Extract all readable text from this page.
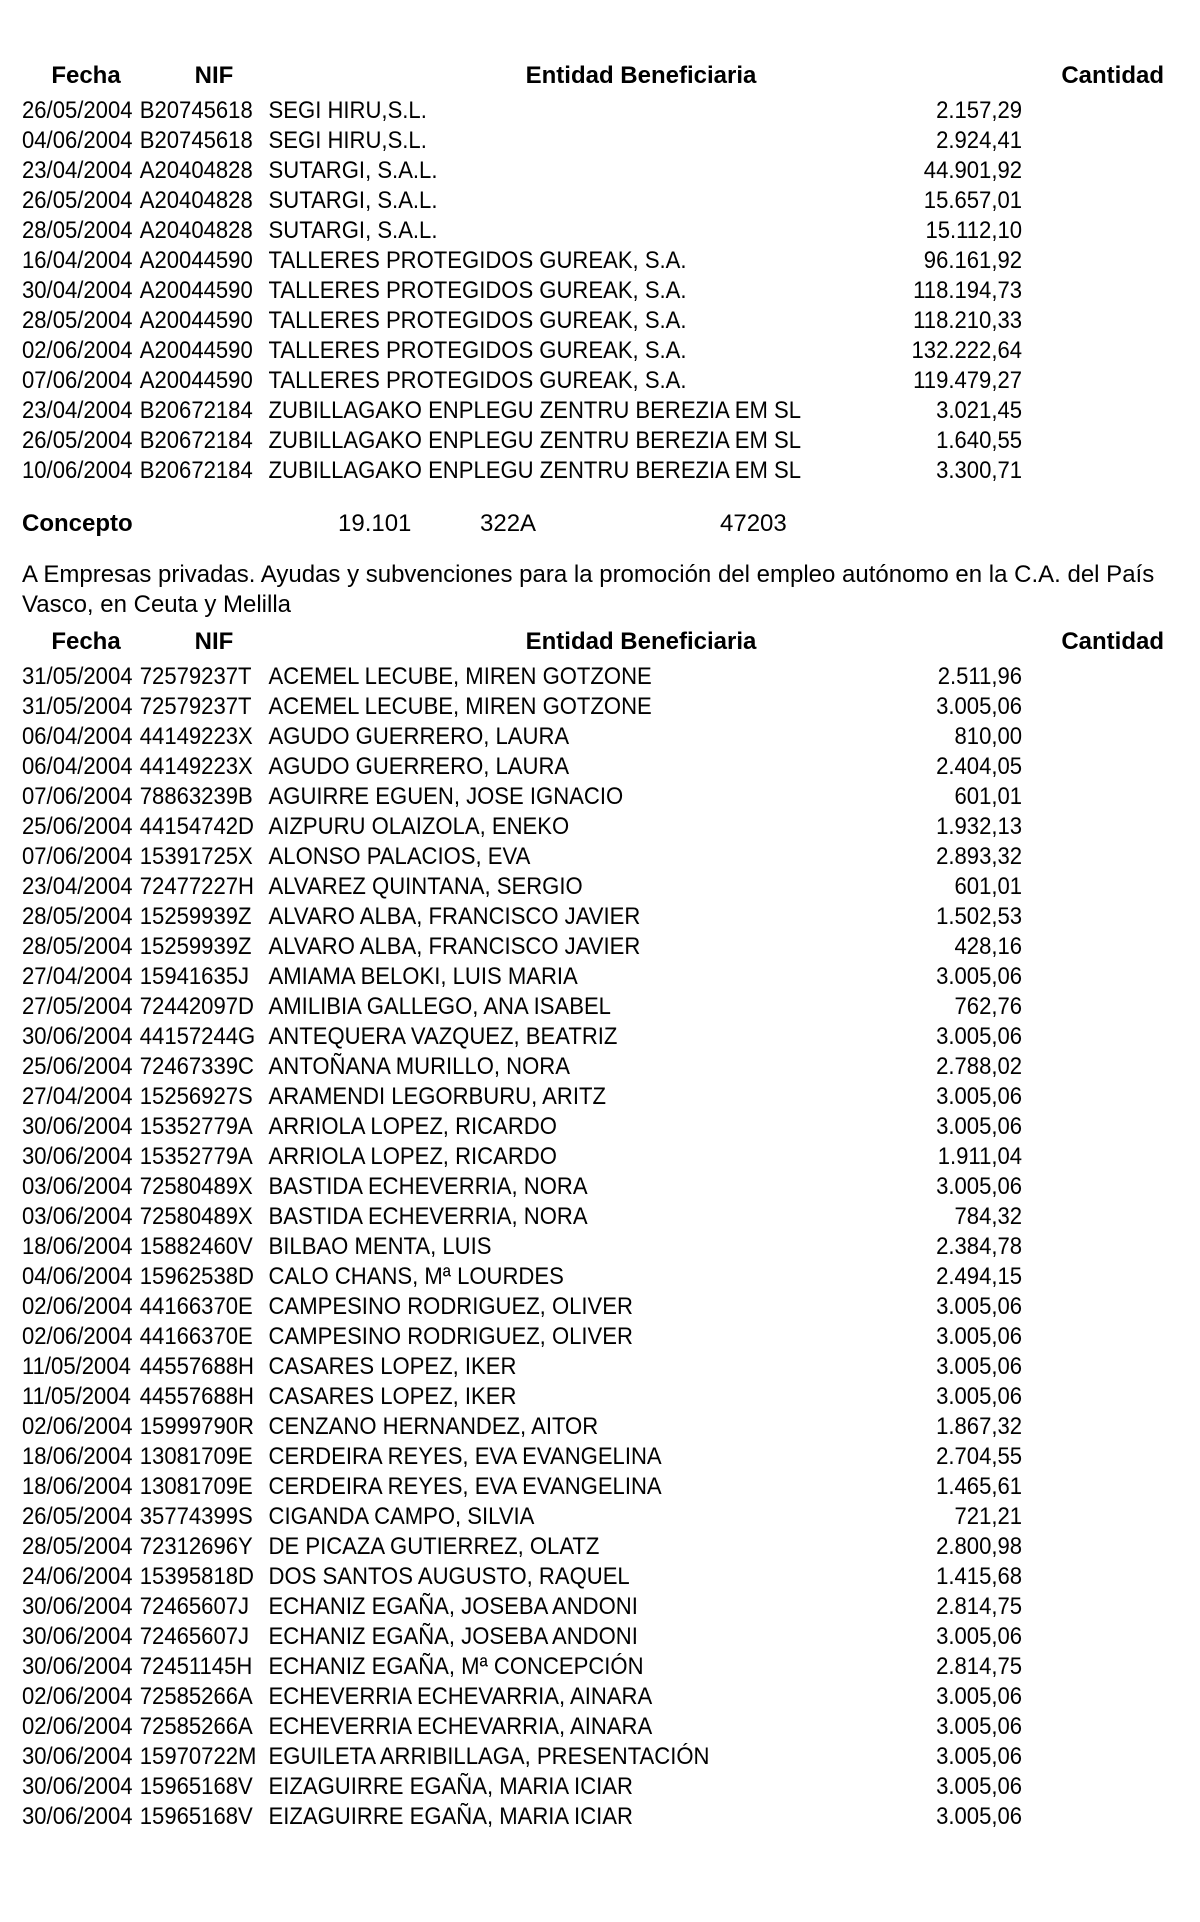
Fecha	NIF	Entidad Beneficiaria	Cantidad
26/05/2004 B20745618 SEGI HIRU,S.L.	2.157,29
04/06/2004 B20745618 SEGI HIRU,S.L.	2.924,41
23/04/2004 A20404828 SUTARGI, S.A.L.	44.901,92
26/05/2004 A20404828 SUTARGI, S.A.L.	15.657,01
28/05/2004 A20404828 SUTARGI, S.A.L.	15.112,10
16/04/2004 A20044590 TALLERES PROTEGIDOS GUREAK, S.A.	96.161,92
30/04/2004 A20044590 TALLERES PROTEGIDOS GUREAK, S.A.	118.194,73
28/05/2004 A20044590 TALLERES PROTEGIDOS GUREAK, S.A.	118.210,33
02/06/2004 A20044590 TALLERES PROTEGIDOS GUREAK, S.A.	132.222,64
07/06/2004 A20044590 TALLERES PROTEGIDOS GUREAK, S.A.	119.479,27
23/04/2004 B20672184 ZUBILLAGAKO ENPLEGU ZENTRU BEREZIA EM SL	3.021,45
26/05/2004 B20672184 ZUBILLAGAKO ENPLEGU ZENTRU BEREZIA EM SL	1.640,55
10/06/2004 B20672184 ZUBILLAGAKO ENPLEGU ZENTRU BEREZIA EM SL	3.300,71
Concepto	19.101	322A	47203
A Empresas privadas. Ayudas y subvenciones para la promoción del empleo autónomo en la C.A. del País Vasco, en Ceuta y Melilla
Fecha	NIF	Entidad Beneficiaria	Cantidad
31/05/2004 72579237T ACEMEL LECUBE, MIREN GOTZONE	2.511,96
31/05/2004 72579237T ACEMEL LECUBE, MIREN GOTZONE	3.005,06
06/04/2004 44149223X AGUDO GUERRERO, LAURA	810,00
06/04/2004 44149223X AGUDO GUERRERO, LAURA	2.404,05
07/06/2004 78863239B AGUIRRE EGUEN, JOSE IGNACIO	601,01
25/06/2004 44154742D AIZPURU OLAIZOLA, ENEKO	1.932,13
07/06/2004 15391725X ALONSO PALACIOS, EVA	2.893,32
23/04/2004 72477227H ALVAREZ QUINTANA, SERGIO	601,01
28/05/2004 15259939Z ALVARO ALBA, FRANCISCO JAVIER	1.502,53
28/05/2004 15259939Z ALVARO ALBA, FRANCISCO JAVIER	428,16
27/04/2004 15941635J AMIAMA BELOKI, LUIS MARIA	3.005,06
27/05/2004 72442097D AMILIBIA GALLEGO, ANA ISABEL	762,76
30/06/2004 44157244G ANTEQUERA VAZQUEZ, BEATRIZ	3.005,06
25/06/2004 72467339C ANTOÑANA MURILLO, NORA	2.788,02
27/04/2004 15256927S ARAMENDI LEGORBURU, ARITZ	3.005,06
30/06/2004 15352779A ARRIOLA LOPEZ, RICARDO	3.005,06
30/06/2004 15352779A ARRIOLA LOPEZ, RICARDO	1.911,04
03/06/2004 72580489X BASTIDA ECHEVERRIA, NORA	3.005,06
03/06/2004 72580489X BASTIDA ECHEVERRIA, NORA	784,32
18/06/2004 15882460V BILBAO MENTA, LUIS	2.384,78
04/06/2004 15962538D CALO CHANS, Mª LOURDES	2.494,15
02/06/2004 44166370E CAMPESINO RODRIGUEZ, OLIVER	3.005,06
02/06/2004 44166370E CAMPESINO RODRIGUEZ, OLIVER	3.005,06
11/05/2004 44557688H CASARES LOPEZ, IKER	3.005,06
11/05/2004 44557688H CASARES LOPEZ, IKER	3.005,06
02/06/2004 15999790R CENZANO HERNANDEZ, AITOR	1.867,32
18/06/2004 13081709E CERDEIRA REYES, EVA EVANGELINA	2.704,55
18/06/2004 13081709E CERDEIRA REYES, EVA EVANGELINA	1.465,61
26/05/2004 35774399S CIGANDA CAMPO, SILVIA	721,21
28/05/2004 72312696Y DE PICAZA GUTIERREZ, OLATZ	2.800,98
24/06/2004 15395818D DOS SANTOS AUGUSTO, RAQUEL	1.415,68
30/06/2004 72465607J ECHANIZ EGAÑA, JOSEBA ANDONI	2.814,75
30/06/2004 72465607J ECHANIZ EGAÑA, JOSEBA ANDONI	3.005,06
30/06/2004 72451145H ECHANIZ EGAÑA, Mª CONCEPCIÓN	2.814,75
02/06/2004 72585266A ECHEVERRIA ECHEVARRIA, AINARA	3.005,06
02/06/2004 72585266A ECHEVERRIA ECHEVARRIA, AINARA	3.005,06
30/06/2004 15970722M EGUILETA ARRIBILLAGA, PRESENTACIÓN	3.005,06
30/06/2004 15965168V EIZAGUIRRE EGAÑA, MARIA ICIAR	3.005,06
30/06/2004 15965168V EIZAGUIRRE EGAÑA, MARIA ICIAR	3.005,06
